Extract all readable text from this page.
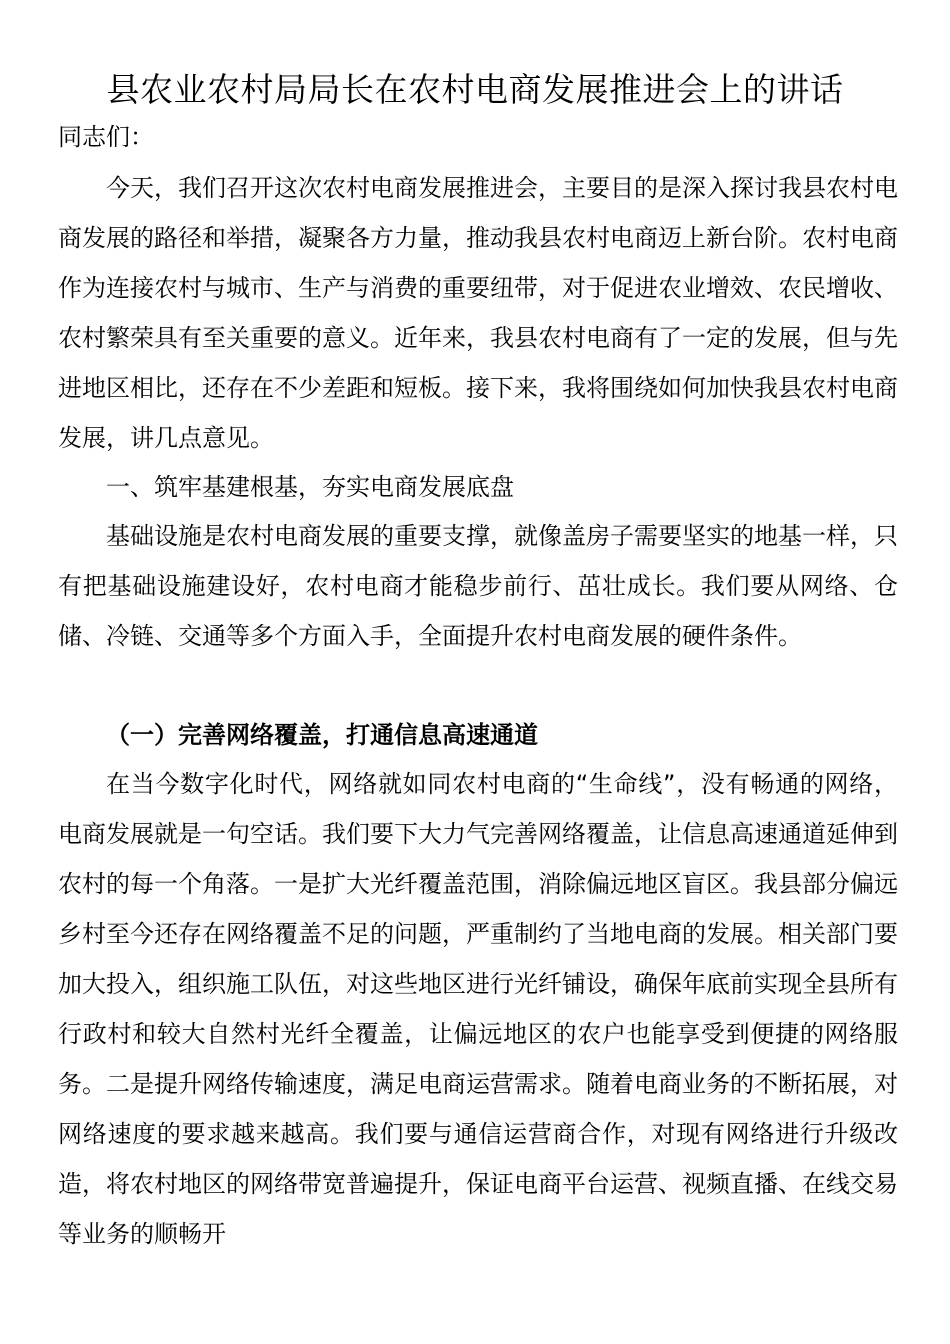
县农业农村局局长在农村电商发展推进会上的讲话

同志们：

今天，我们召开这次农村电商发展推进会，主要目的是深入探讨我县农村电商发展的路径和举措，凝聚各方力量，推动我县农村电商迈上新台阶。农村电商作为连接农村与城市、生产与消费的重要纽带，对于促进农业增效、农民增收、农村繁荣具有至关重要的意义。近年来，我县农村电商有了一定的发展，但与先进地区相比，还存在不少差距和短板。接下来，我将围绕如何加快我县农村电商发展，讲几点意见。

一、筑牢基建根基，夯实电商发展底盘

基础设施是农村电商发展的重要支撑，就像盖房子需要坚实的地基一样，只有把基础设施建设好，农村电商才能稳步前行、茁壮成长。我们要从网络、仓储、冷链、交通等多个方面入手，全面提升农村电商发展的硬件条件。

（一）完善网络覆盖，打通信息高速通道

在当今数字化时代，网络就如同农村电商的“生命线”，没有畅通的网络，电商发展就是一句空话。我们要下大力气完善网络覆盖，让信息高速通道延伸到农村的每一个角落。一是扩大光纤覆盖范围，消除偏远地区盲区。我县部分偏远乡村至今还存在网络覆盖不足的问题，严重制约了当地电商的发展。相关部门要加大投入，组织施工队伍，对这些地区进行光纤铺设，确保年底前实现全县所有行政村和较大自然村光纤全覆盖，让偏远地区的农户也能享受到便捷的网络服务。二是提升网络传输速度，满足电商运营需求。随着电商业务的不断拓展，对网络速度的要求越来越高。我们要与通信运营商合作，对现有网络进行升级改造，将农村地区的网络带宽普遍提升，保证电商平台运营、视频直播、在线交易等业务的顺畅开
